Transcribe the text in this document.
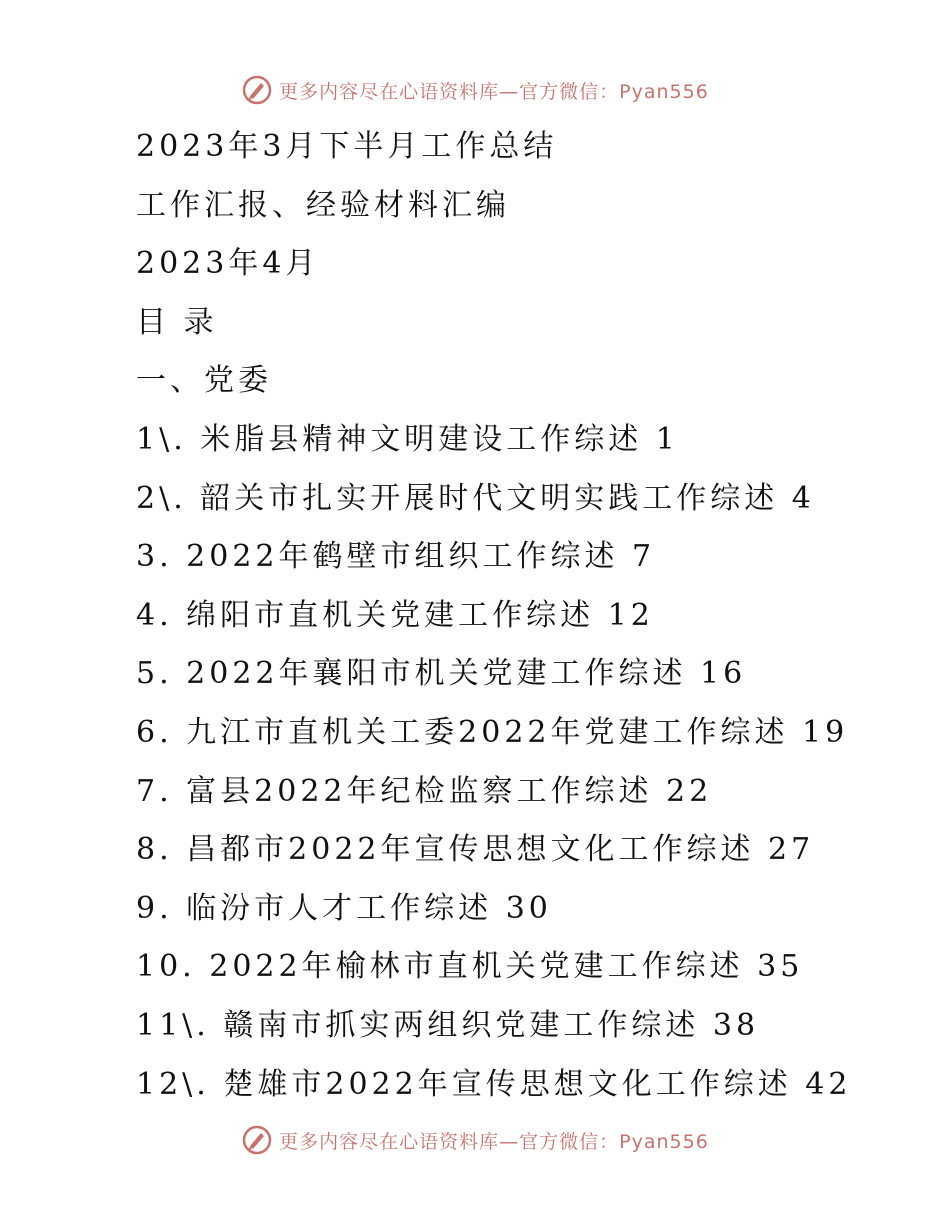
更多内容尽在心语资料库—官方微信：Pyan556
2023年3月下半月工作总结
工作汇报、经验材料汇编
2023年4月
目 录
一、党委
1\. 米脂县精神文明建设工作综述 1
2\. 韶关市扎实开展时代文明实践工作综述 4
3. 2022年鹤壁市组织工作综述 7
4. 绵阳市直机关党建工作综述 12
5. 2022年襄阳市机关党建工作综述 16
6. 九江市直机关工委2022年党建工作综述 19
7. 富县2022年纪检监察工作综述 22
8. 昌都市2022年宣传思想文化工作综述 27
9. 临汾市人才工作综述 30
10. 2022年榆林市直机关党建工作综述 35
11\. 赣南市抓实两组织党建工作综述 38
12\. 楚雄市2022年宣传思想文化工作综述 42
更多内容尽在心语资料库—官方微信：Pyan556
